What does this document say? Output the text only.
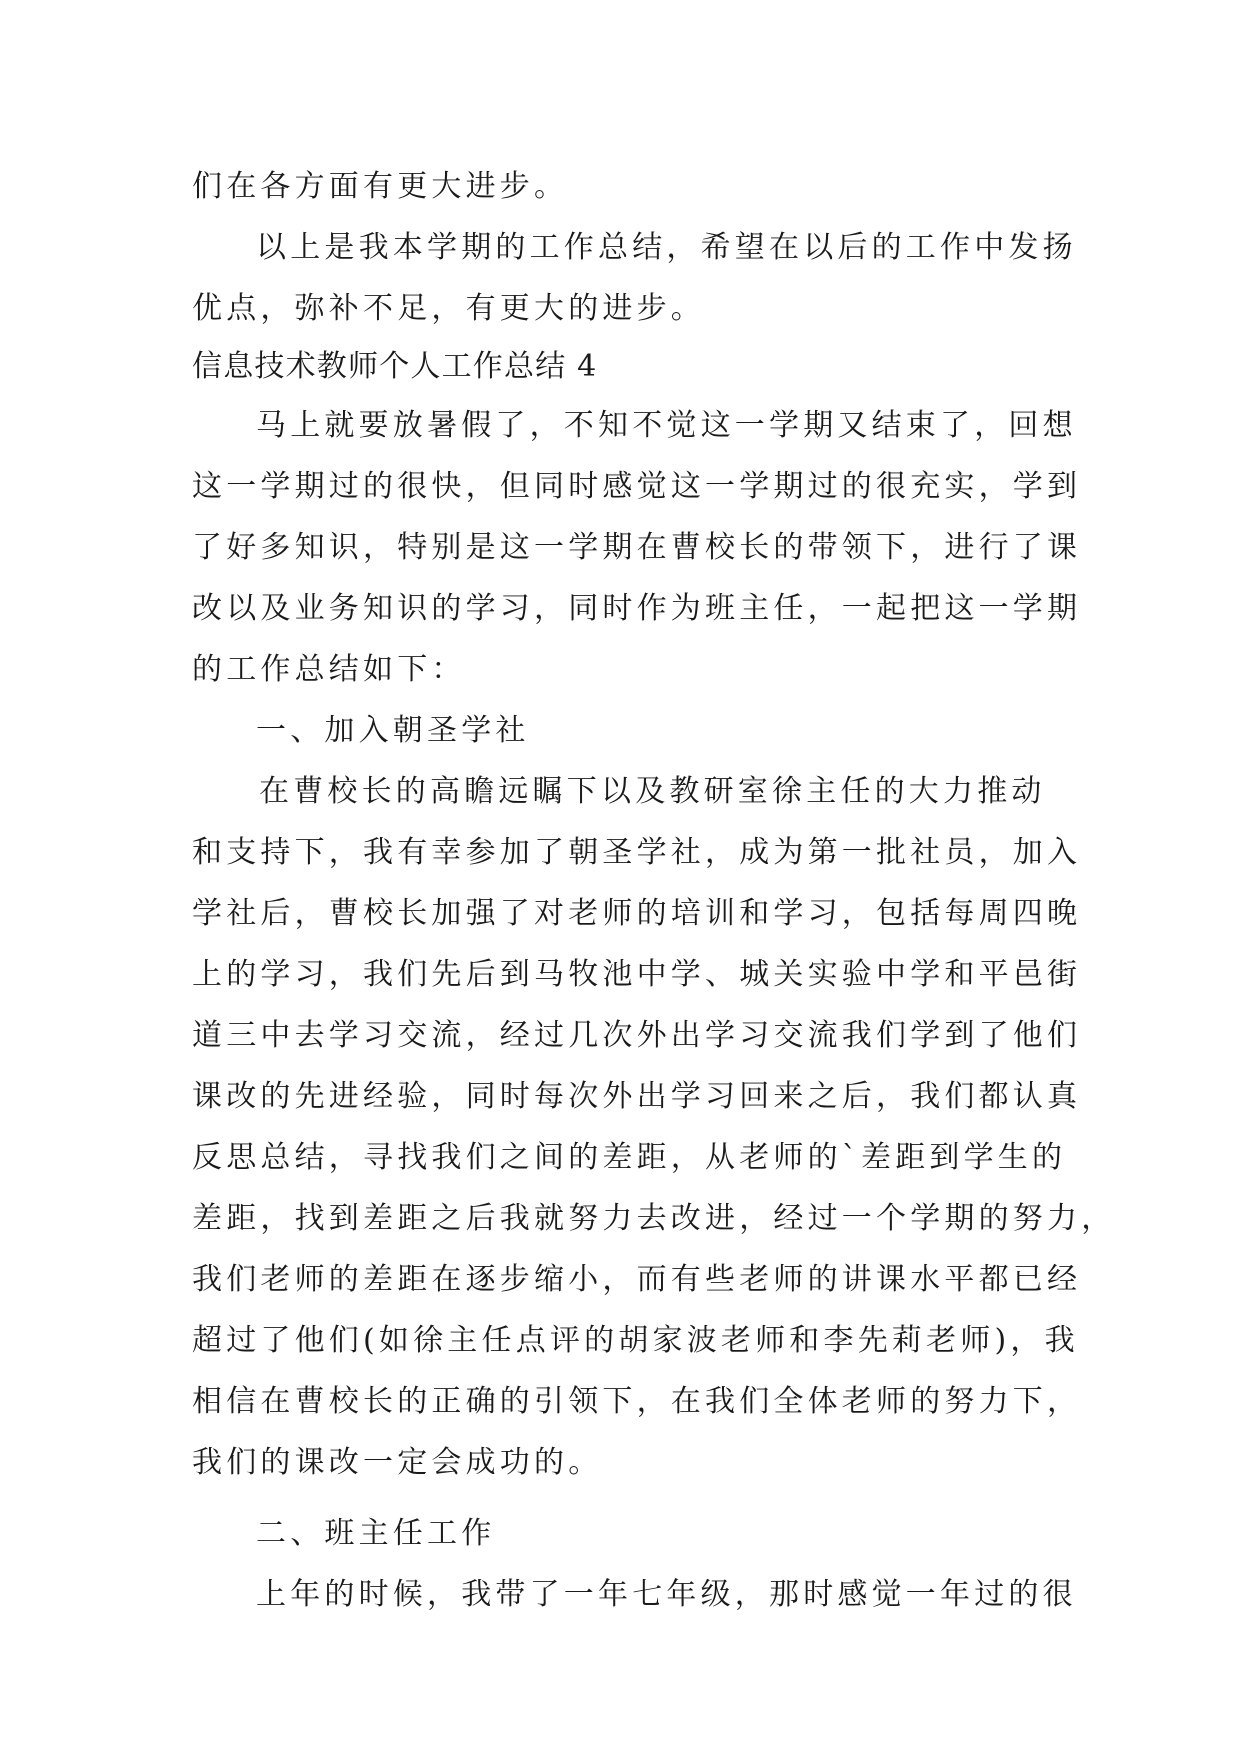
们在各方面有更大进步。
以上是我本学期的工作总结，希望在以后的工作中发扬
优点，弥补不足，有更大的进步。
信息技术教师个人工作总结 4
马上就要放暑假了，不知不觉这一学期又结束了，回想
这一学期过的很快，但同时感觉这一学期过的很充实，学到
了好多知识，特别是这一学期在曹校长的带领下，进行了课
改以及业务知识的学习，同时作为班主任，一起把这一学期
的工作总结如下：
一、加入朝圣学社
在曹校长的高瞻远瞩下以及教研室徐主任的大力推动
和支持下，我有幸参加了朝圣学社，成为第一批社员，加入
学社后，曹校长加强了对老师的培训和学习，包括每周四晚
上的学习，我们先后到马牧池中学、城关实验中学和平邑街
道三中去学习交流，经过几次外出学习交流我们学到了他们
课改的先进经验，同时每次外出学习回来之后，我们都认真
反思总结，寻找我们之间的差距，从老师的`差距到学生的
差距，找到差距之后我就努力去改进，经过一个学期的努力，
我们老师的差距在逐步缩小，而有些老师的讲课水平都已经
超过了他们(如徐主任点评的胡家波老师和李先莉老师)，我
相信在曹校长的正确的引领下，在我们全体老师的努力下，
我们的课改一定会成功的。
二、班主任工作
上年的时候，我带了一年七年级，那时感觉一年过的很
